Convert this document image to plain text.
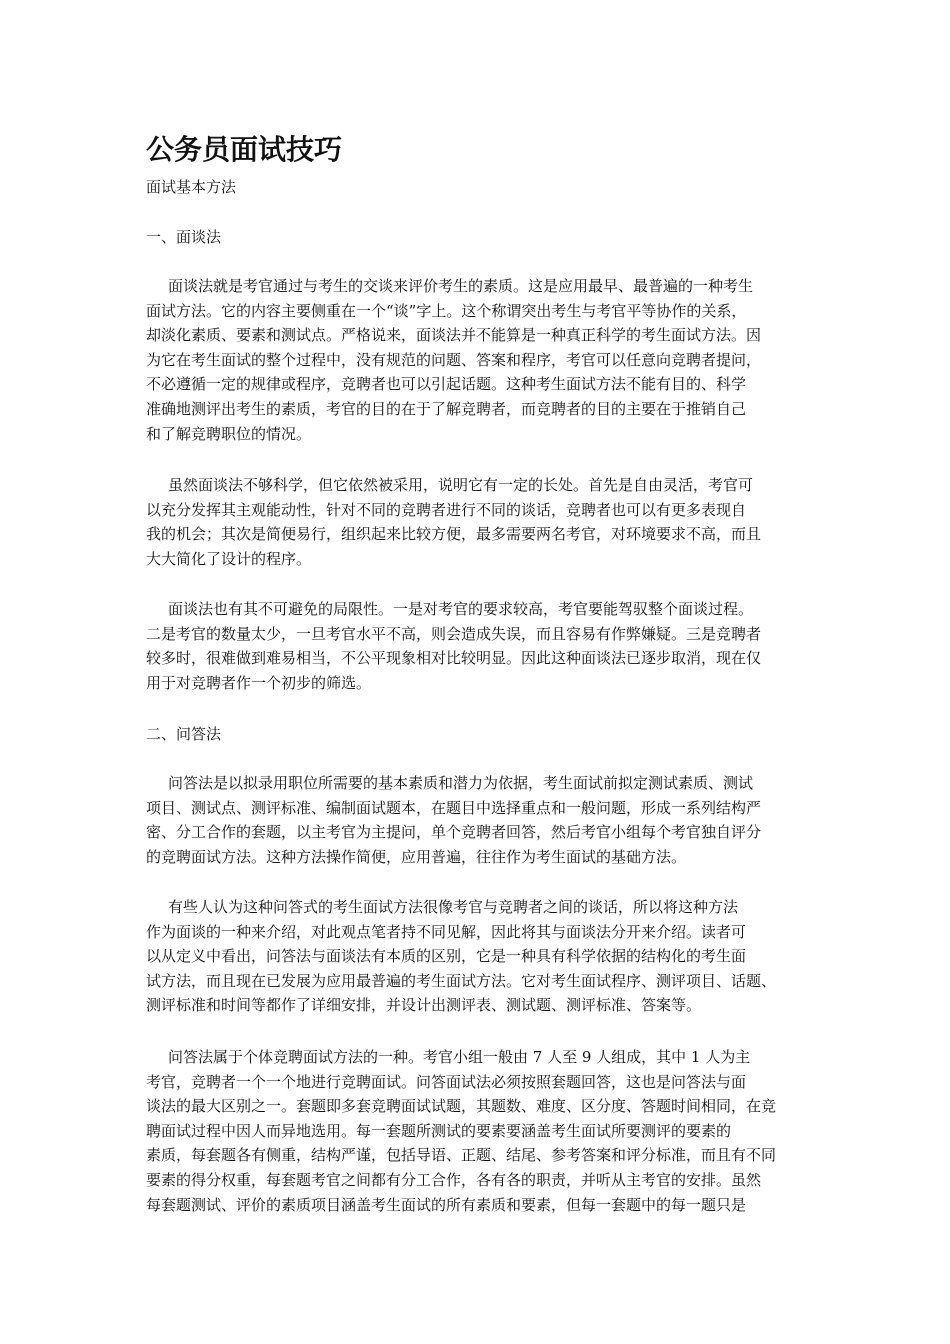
公务员面试技巧
面试基本方法
一、面谈法
面谈法就是考官通过与考生的交谈来评价考生的素质。这是应用最早、最普遍的一种考生
面试方法。它的内容主要侧重在一个“谈”字上。这个称谓突出考生与考官平等协作的关系，
却淡化素质、要素和测试点。严格说来，面谈法并不能算是一种真正科学的考生面试方法。因
为它在考生面试的整个过程中，没有规范的问题、答案和程序，考官可以任意向竞聘者提问，
不必遵循一定的规律或程序，竞聘者也可以引起话题。这种考生面试方法不能有目的、科学
准确地测评出考生的素质，考官的目的在于了解竞聘者，而竞聘者的目的主要在于推销自己
和了解竞聘职位的情况。
虽然面谈法不够科学，但它依然被采用，说明它有一定的长处。首先是自由灵活，考官可
以充分发挥其主观能动性，针对不同的竞聘者进行不同的谈话，竞聘者也可以有更多表现自
我的机会；其次是简便易行，组织起来比较方便，最多需要两名考官，对环境要求不高，而且
大大简化了设计的程序。
面谈法也有其不可避免的局限性。一是对考官的要求较高，考官要能驾驭整个面谈过程。
二是考官的数量太少，一旦考官水平不高，则会造成失误，而且容易有作弊嫌疑。三是竞聘者
较多时，很难做到难易相当，不公平现象相对比较明显。因此这种面谈法已逐步取消，现在仅
用于对竞聘者作一个初步的筛选。
二、问答法
问答法是以拟录用职位所需要的基本素质和潜力为依据，考生面试前拟定测试素质、测试
项目、测试点、测评标准、编制面试题本，在题目中选择重点和一般问题，形成一系列结构严
密、分工合作的套题，以主考官为主提问，单个竞聘者回答，然后考官小组每个考官独自评分
的竞聘面试方法。这种方法操作简便，应用普遍，往往作为考生面试的基础方法。
有些人认为这种问答式的考生面试方法很像考官与竞聘者之间的谈话，所以将这种方法
作为面谈的一种来介绍，对此观点笔者持不同见解，因此将其与面谈法分开来介绍。读者可
以从定义中看出，问答法与面谈法有本质的区别，它是一种具有科学依据的结构化的考生面
试方法，而且现在已发展为应用最普遍的考生面试方法。它对考生面试程序、测评项目、话题、
测评标准和时间等都作了详细安排，并设计出测评表、测试题、测评标准、答案等。
问答法属于个体竞聘面试方法的一种。考官小组一般由 7 人至 9 人组成，其中 1 人为主
考官，竞聘者一个一个地进行竞聘面试。问答面试法必须按照套题回答，这也是问答法与面
谈法的最大区别之一。套题即多套竞聘面试试题，其题数、难度、区分度、答题时间相同，在竞
聘面试过程中因人而异地选用。每一套题所测试的要素要涵盖考生面试所要测评的要素的
素质，每套题各有侧重，结构严谨，包括导语、正题、结尾、参考答案和评分标准，而且有不同
要素的得分权重，每套题考官之间都有分工合作，各有各的职责，并听从主考官的安排。虽然
每套题测试、评价的素质项目涵盖考生面试的所有素质和要素，但每一套题中的每一题只是
